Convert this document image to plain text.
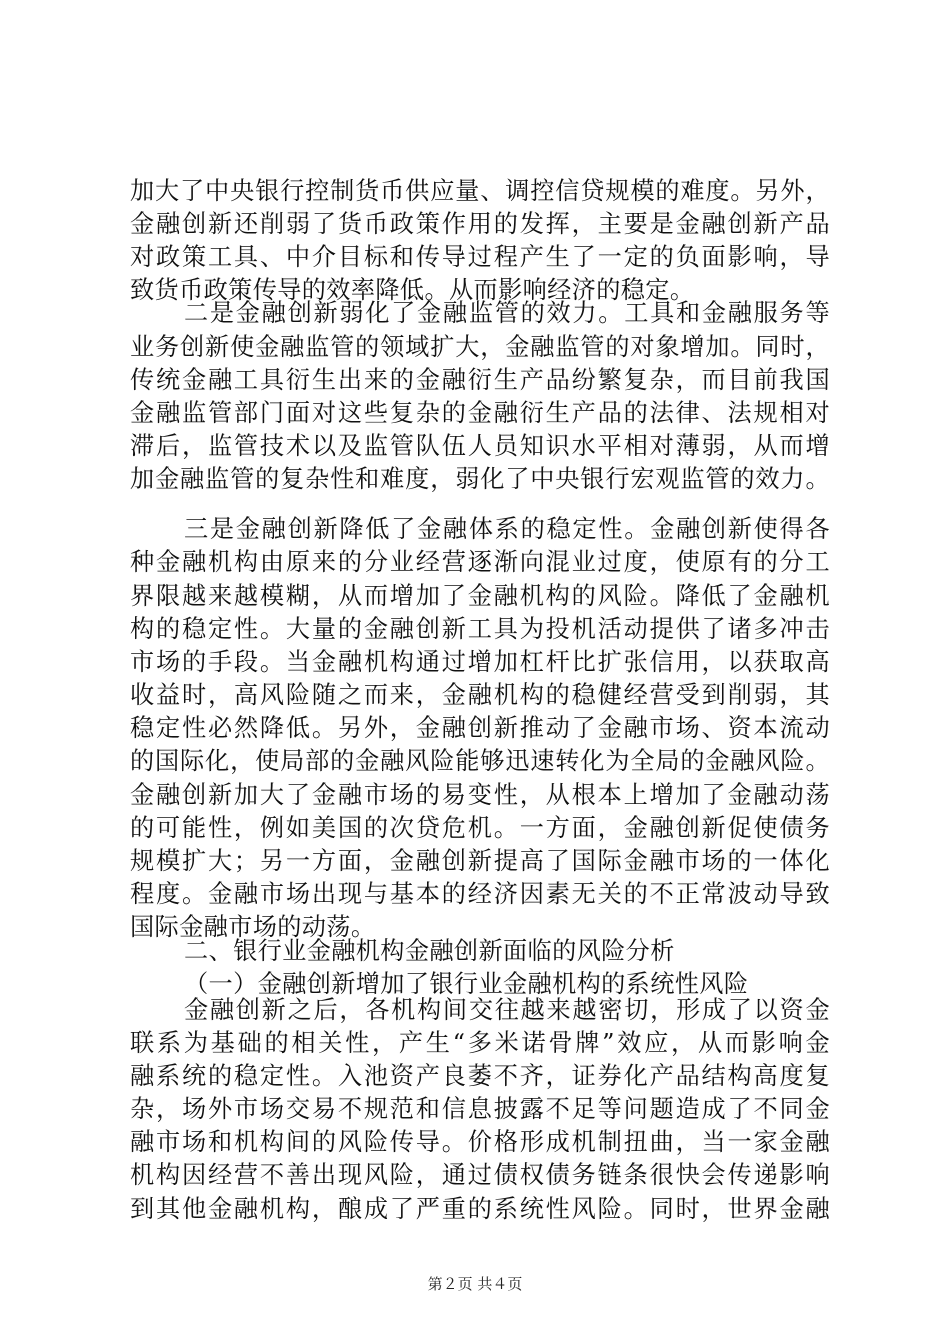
加大了中央银行控制货币供应量、调控信贷规模的难度。另外，
金融创新还削弱了货币政策作用的发挥，主要是金融创新产品
对政策工具、中介目标和传导过程产生了一定的负面影响，导
致货币政策传导的效率降低。从而影响经济的稳定。
二是金融创新弱化了金融监管的效力。工具和金融服务等
业务创新使金融监管的领域扩大，金融监管的对象增加。同时，
传统金融工具衍生出来的金融衍生产品纷繁复杂，而目前我国
金融监管部门面对这些复杂的金融衍生产品的法律、法规相对
滞后，监管技术以及监管队伍人员知识水平相对薄弱，从而增
加金融监管的复杂性和难度，弱化了中央银行宏观监管的效力。
三是金融创新降低了金融体系的稳定性。金融创新使得各
种金融机构由原来的分业经营逐渐向混业过度，使原有的分工
界限越来越模糊，从而增加了金融机构的风险。降低了金融机
构的稳定性。大量的金融创新工具为投机活动提供了诸多冲击
市场的手段。当金融机构通过增加杠杆比扩张信用，以获取高
收益时，高风险随之而来，金融机构的稳健经营受到削弱，其
稳定性必然降低。另外，金融创新推动了金融市场、资本流动
的国际化，使局部的金融风险能够迅速转化为全局的金融风险。
金融创新加大了金融市场的易变性，从根本上增加了金融动荡
的可能性，例如美国的次贷危机。一方面，金融创新促使债务
规模扩大；另一方面，金融创新提高了国际金融市场的一体化
程度。金融市场出现与基本的经济因素无关的不正常波动导致
国际金融市场的动荡。
二、银行业金融机构金融创新面临的风险分析
（一）金融创新增加了银行业金融机构的系统性风险
金融创新之后，各机构间交往越来越密切，形成了以资金
联系为基础的相关性，产生“多米诺骨牌”效应，从而影响金
融系统的稳定性。入池资产良萎不齐，证券化产品结构高度复
杂，场外市场交易不规范和信息披露不足等问题造成了不同金
融市场和机构间的风险传导。价格形成机制扭曲，当一家金融
机构因经营不善出现风险，通过债权债务链条很快会传递影响
到其他金融机构，酿成了严重的系统性风险。同时，世界金融
第２页 共４页
